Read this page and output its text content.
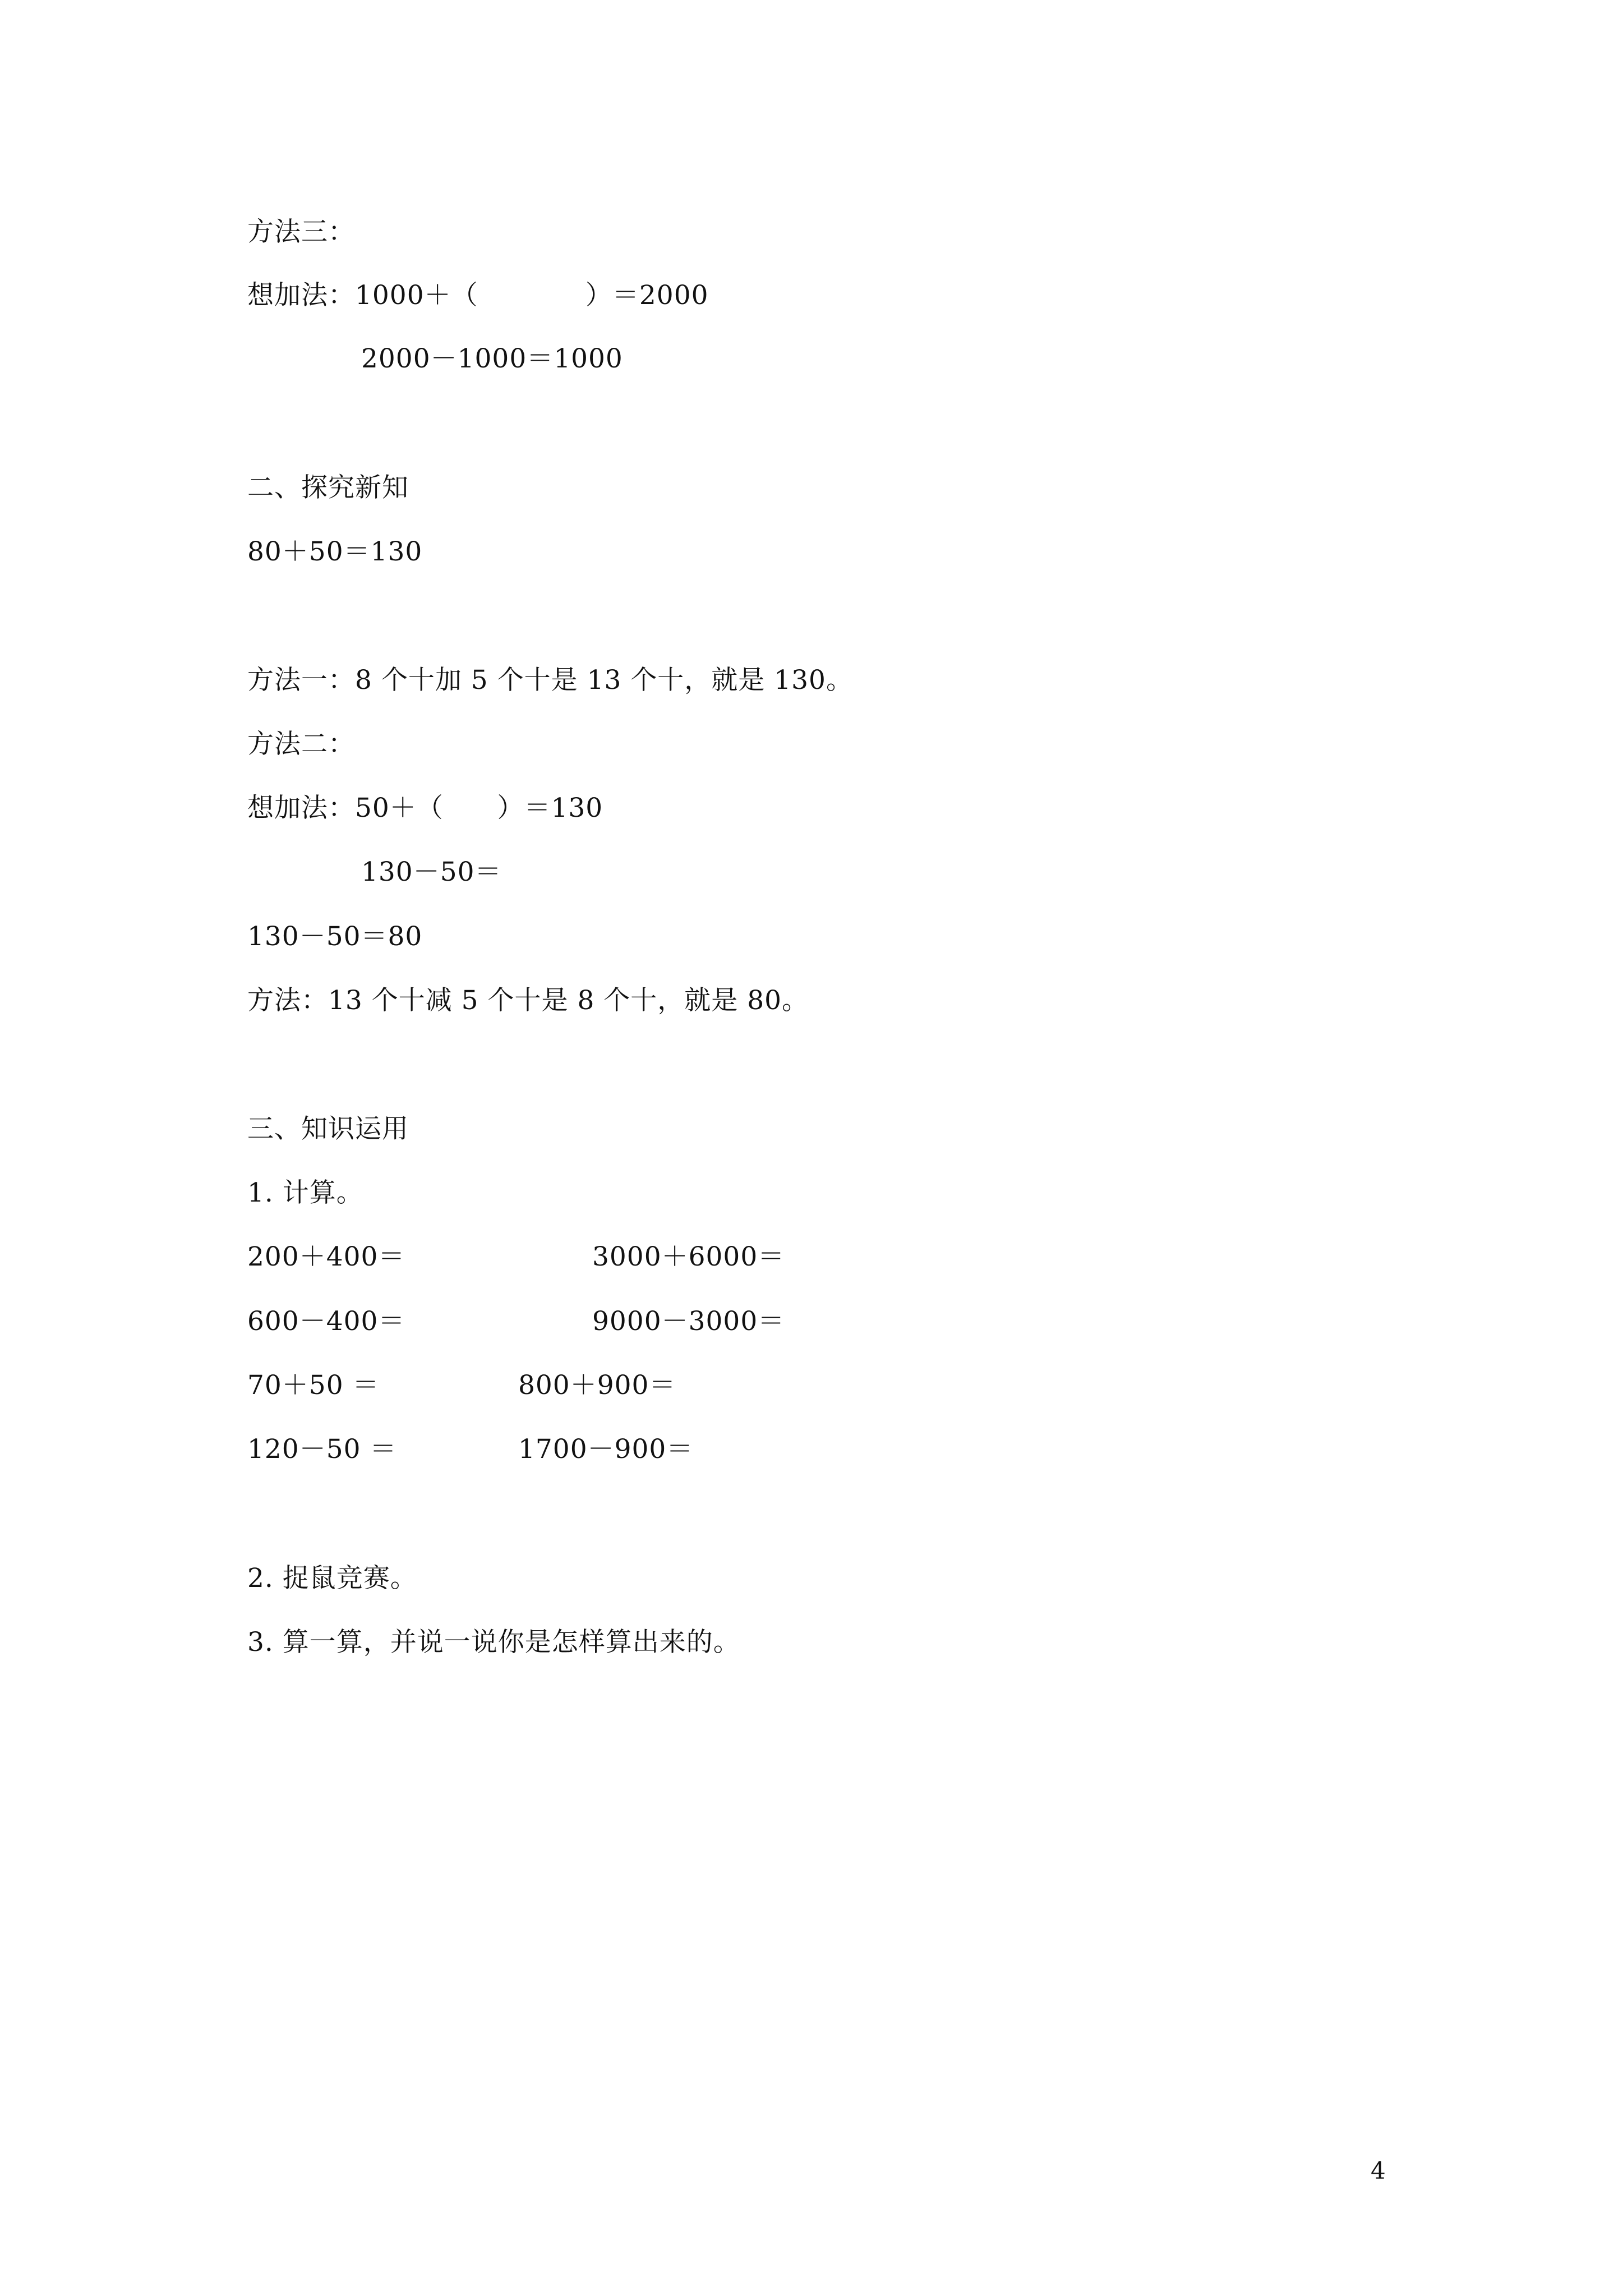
方法三：
想加法：1000＋（            ）＝2000
2000－1000＝1000
二、探究新知
80＋50＝130
方法一：8 个十加 5 个十是 13 个十，就是 130。
方法二：
想加法：50＋（      ）＝130
130－50＝
130－50＝80
方法：13 个十减 5 个十是 8 个十，就是 80。
三、知识运用
1. 计算。
200＋400＝	3000＋6000＝
600－400＝	9000－3000＝
70＋50 ＝	800＋900＝
120－50 ＝	1700－900＝
2. 捉鼠竞赛。
3. 算一算，并说一说你是怎样算出来的。
4
